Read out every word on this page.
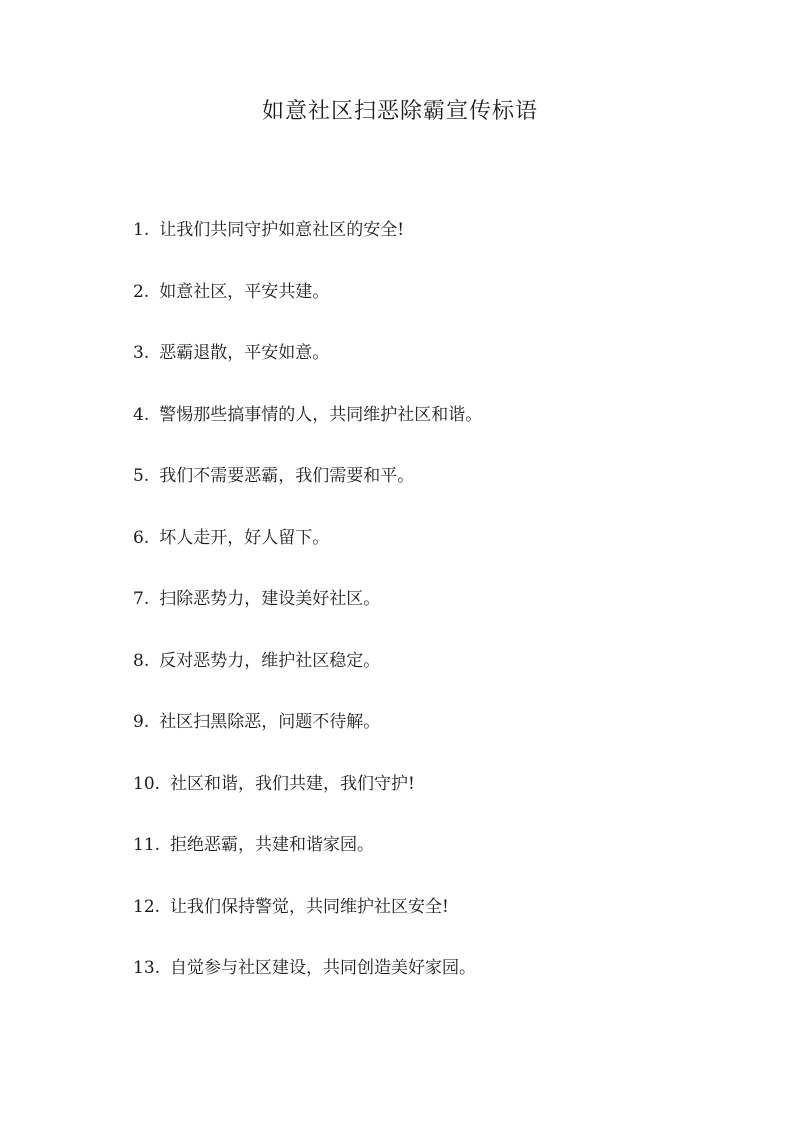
如意社区扫恶除霸宣传标语
1. 让我们共同守护如意社区的安全!
2. 如意社区，平安共建。
3. 恶霸退散，平安如意。
4. 警惕那些搞事情的人，共同维护社区和谐。
5. 我们不需要恶霸，我们需要和平。
6. 坏人走开，好人留下。
7. 扫除恶势力，建设美好社区。
8. 反对恶势力，维护社区稳定。
9. 社区扫黑除恶，问题不待解。
10. 社区和谐，我们共建，我们守护!
11. 拒绝恶霸，共建和谐家园。
12. 让我们保持警觉，共同维护社区安全!
13. 自觉参与社区建设，共同创造美好家园。
